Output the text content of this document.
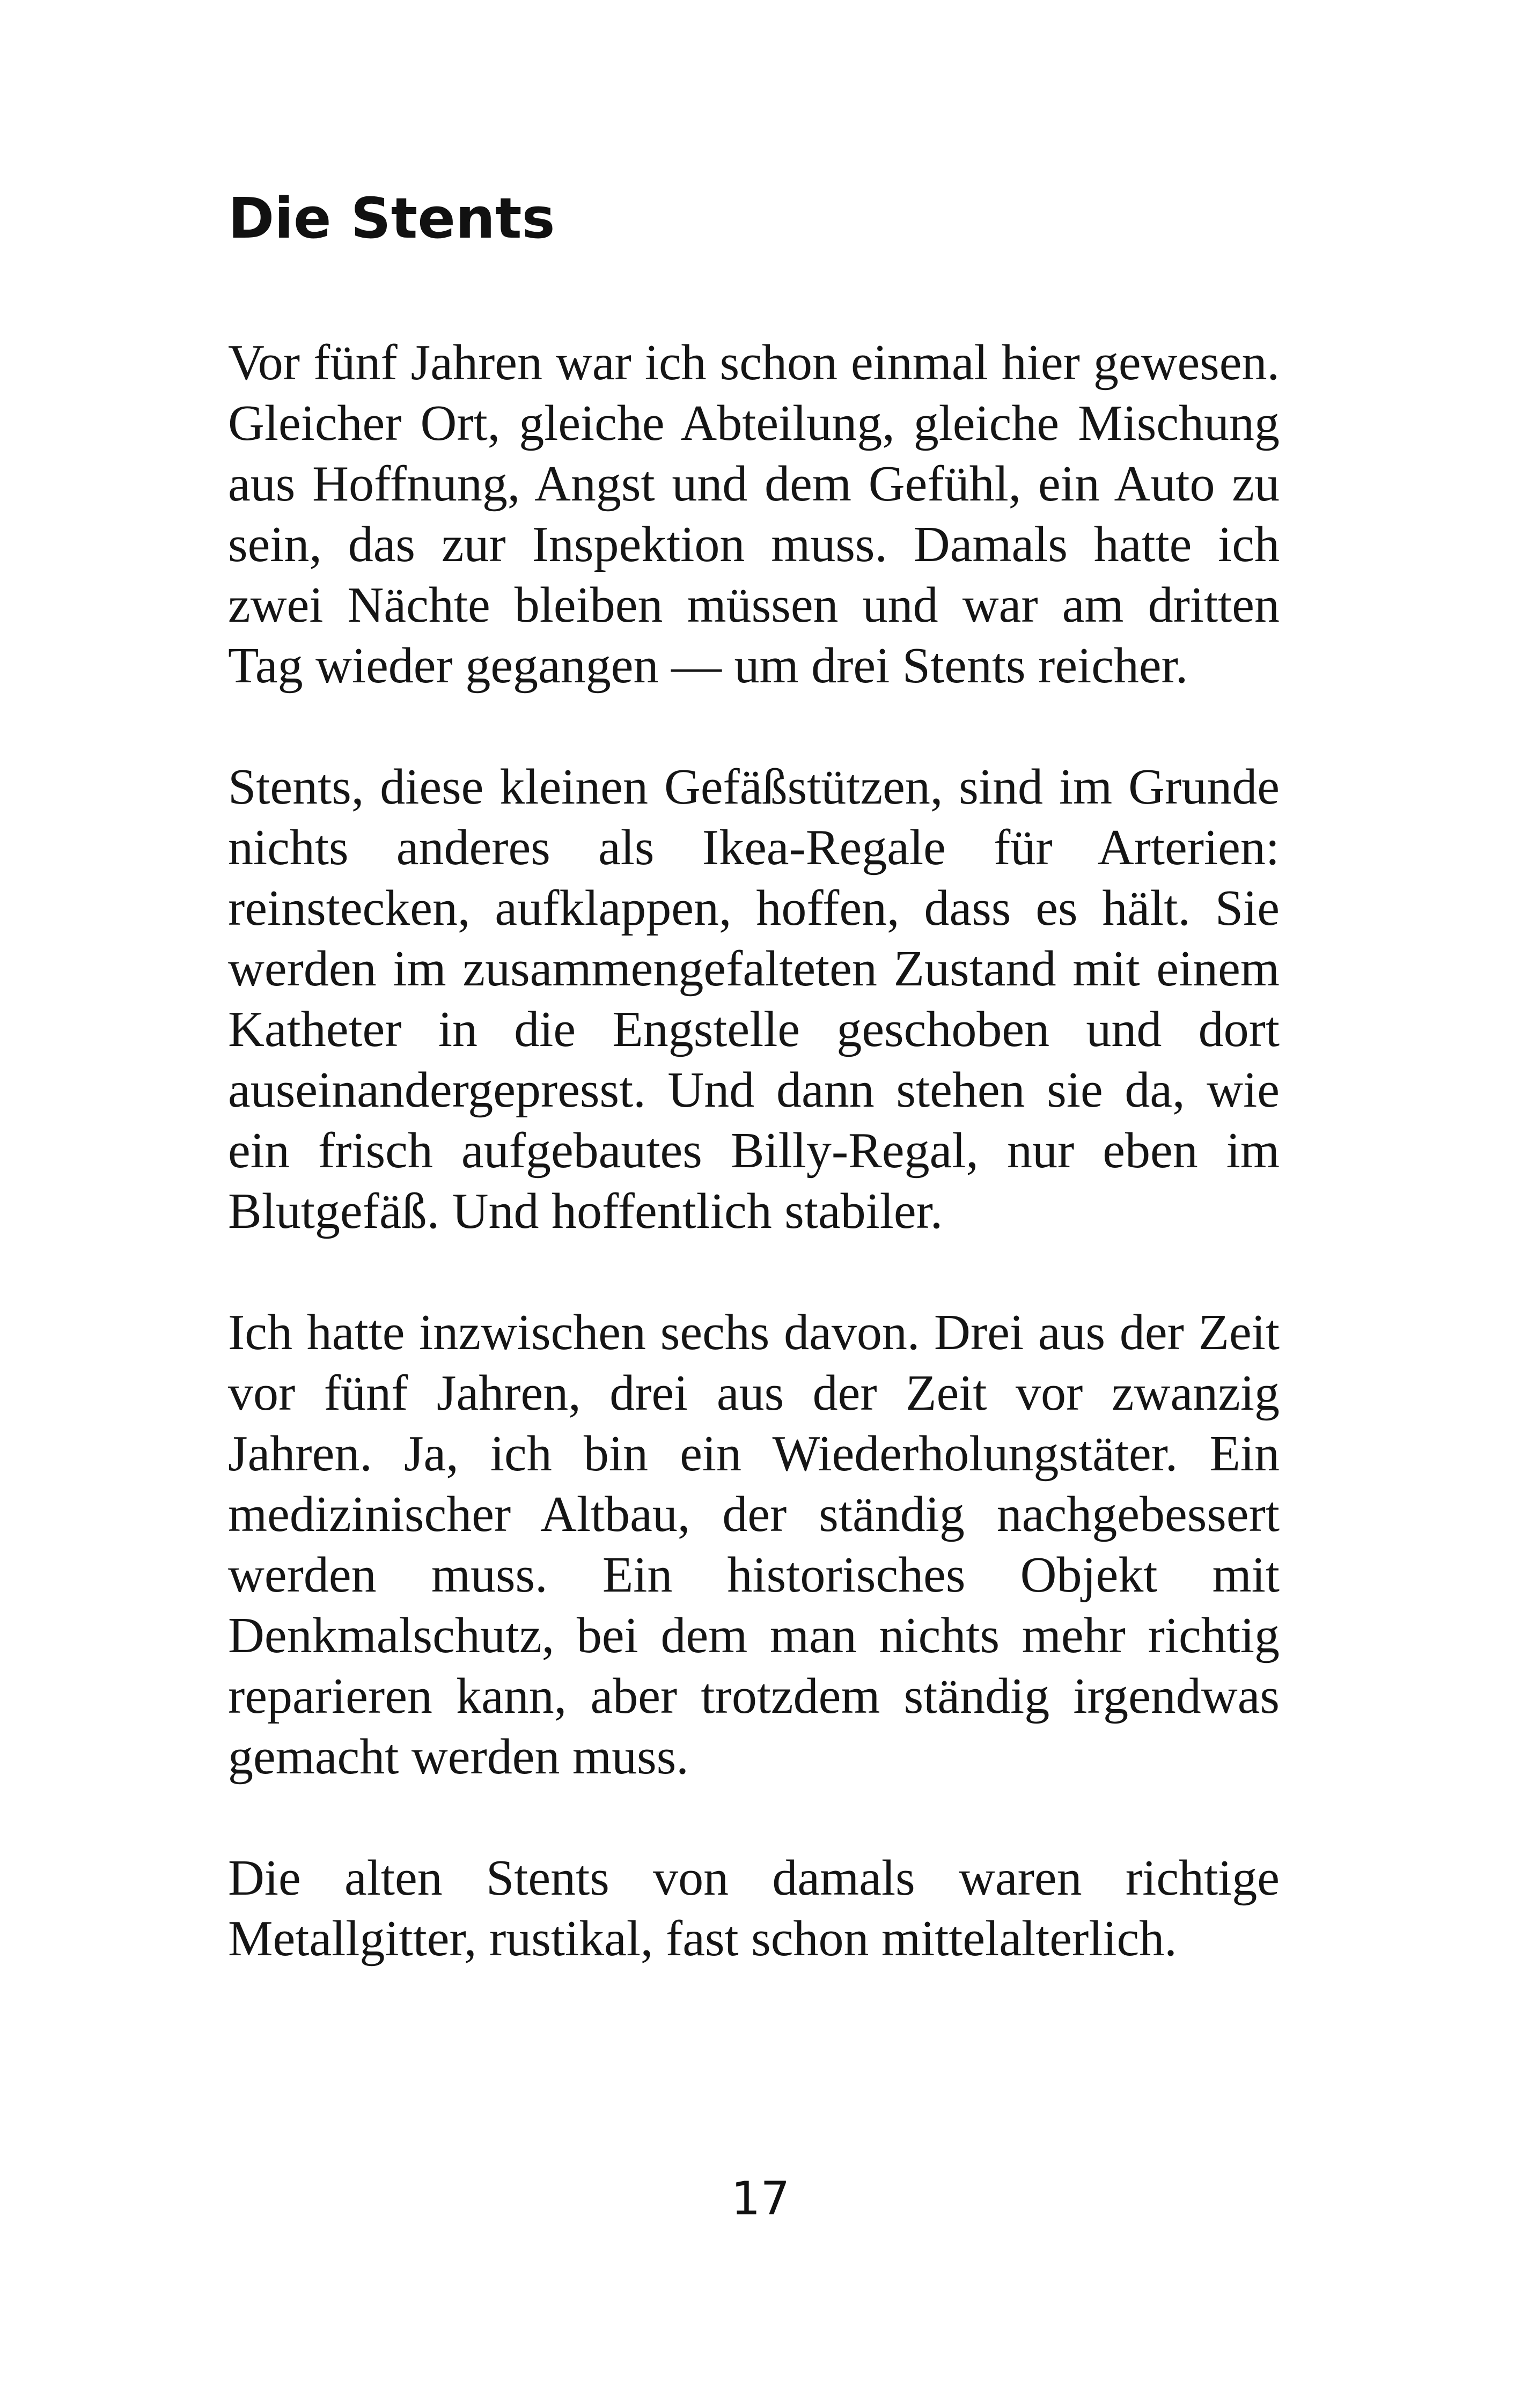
Die Stents

Vor fünf Jahren war ich schon einmal hier gewesen. Gleicher Ort, gleiche Abteilung, gleiche Mischung aus Hoffnung, Angst und dem Gefühl, ein Auto zu sein, das zur Inspektion muss. Damals hatte ich zwei Nächte bleiben müssen und war am dritten Tag wieder gegangen — um drei Stents reicher.

Stents, diese kleinen Gefäßstützen, sind im Grunde nichts anderes als Ikea-Regale für Arterien: reinstecken, aufklappen, hoffen, dass es hält. Sie werden im zusammengefalteten Zustand mit einem Katheter in die Engstelle geschoben und dort auseinandergepresst. Und dann stehen sie da, wie ein frisch aufgebautes Billy-Regal, nur eben im Blutgefäß. Und hoffentlich stabiler.

Ich hatte inzwischen sechs davon. Drei aus der Zeit vor fünf Jahren, drei aus der Zeit vor zwanzig Jahren. Ja, ich bin ein Wiederholungstäter. Ein medizinischer Altbau, der ständig nachgebessert werden muss. Ein historisches Objekt mit Denkmalschutz, bei dem man nichts mehr richtig reparieren kann, aber trotzdem ständig irgendwas gemacht werden muss.

Die alten Stents von damals waren richtige Metallgitter, rustikal, fast schon mittelalterlich.

17
